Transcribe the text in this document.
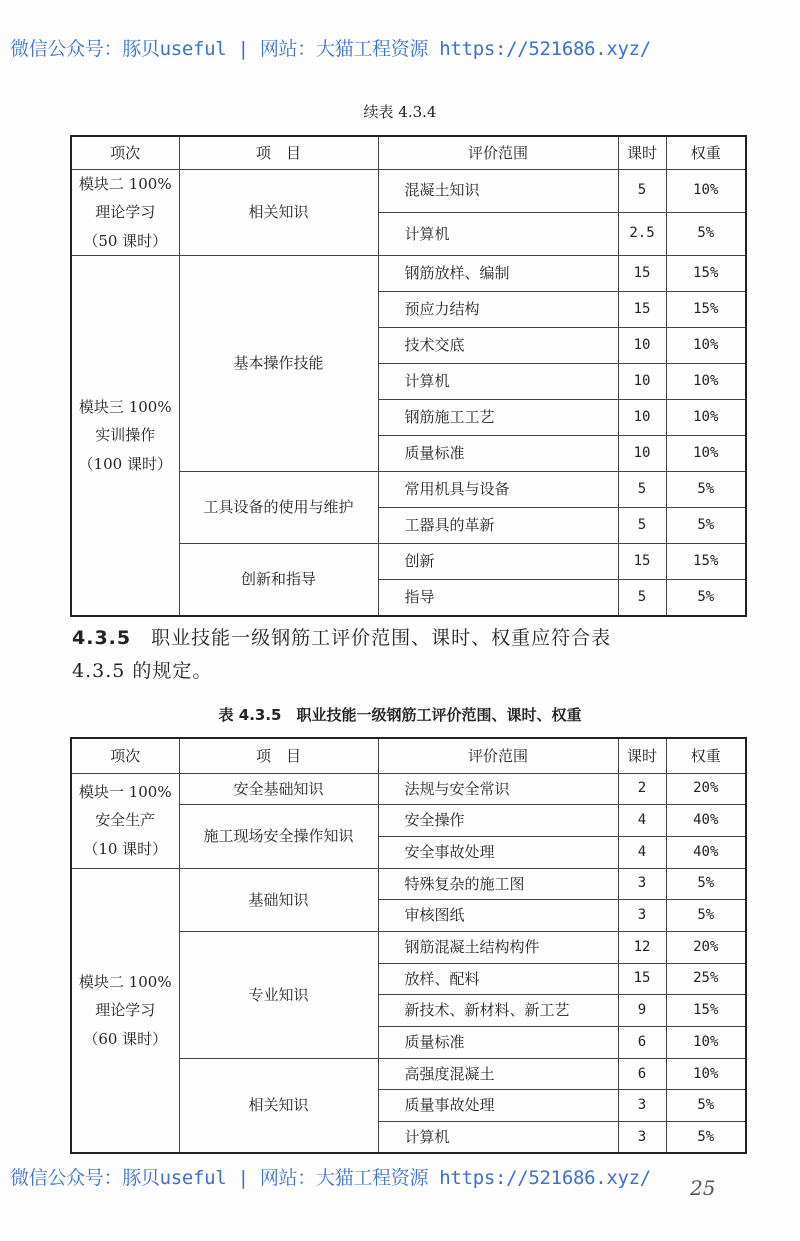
微信公众号：豚贝useful | 网站：大猫工程资源 https://521686.xyz/
续表 4.3.4
项次	项　目	评价范围	课时	权重

模块二 100%
理论学习
（50 课时）	相关知识	混凝土知识	5	10%
		计算机	2.5	5%

模块三 100%
实训操作
（100 课时）	基本操作技能	钢筋放样、编制	15	15%
		预应力结构	15	15%
		技术交底	10	10%
		计算机	10	10%
		钢筋施工工艺	10	10%
		质量标准	10	10%
	工具设备的使用与维护	常用机具与设备	5	5%
		工器具的革新	5	5%
	创新和指导	创新	15	15%
		指导	5	5%
4.3.5　 职业技能一级钢筋工评价范围、课时、权重应符合表
4.3.5 的规定。
表 4.3.5　职业技能一级钢筋工评价范围、课时、权重
项次	项　目	评价范围	课时	权重

模块一 100%
安全生产
（10 课时）	安全基础知识	法规与安全常识	2	20%
	施工现场安全操作知识	安全操作	4	40%
		安全事故处理	4	40%

模块二 100%
理论学习
（60 课时）	基础知识	特殊复杂的施工图	3	5%
		审核图纸	3	5%
	专业知识	钢筋混凝土结构构件	12	20%
		放样、配料	15	25%
		新技术、新材料、新工艺	9	15%
		质量标准	6	10%
	相关知识	高强度混凝土	6	10%
		质量事故处理	3	5%
		计算机	3	5%
微信公众号：豚贝useful | 网站：大猫工程资源 https://521686.xyz/ 25
